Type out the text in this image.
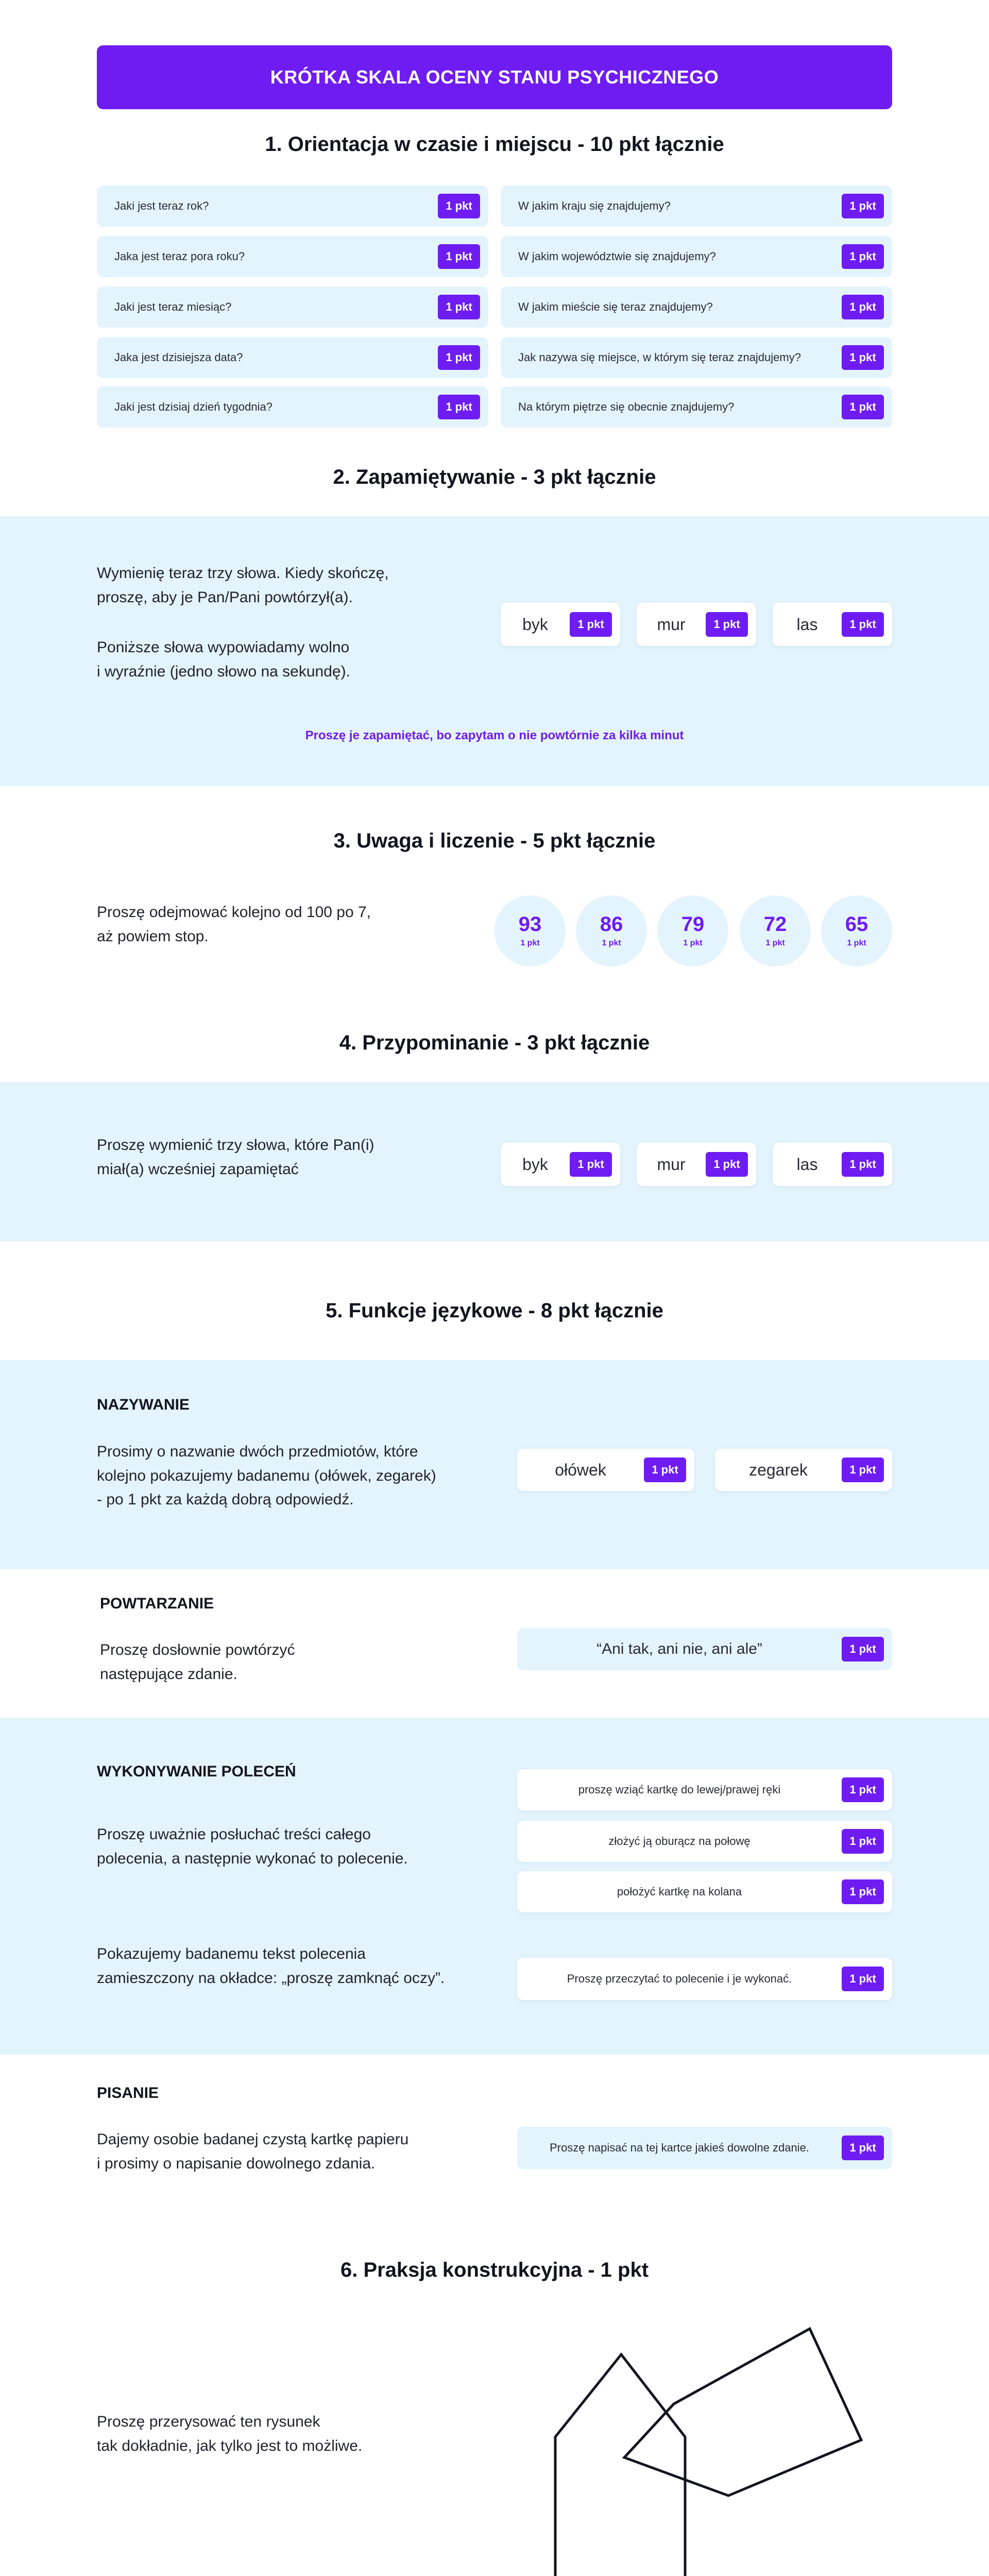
KRÓTKA SKALA OCENY STANU PSYCHICZNEGO
1. Orientacja w czasie i miejscu - 10 pkt łącznie
2. Zapamiętywanie - 3 pkt łącznie
Wymienię teraz trzy słowa. Kiedy skończę,
proszę, aby je Pan/Pani powtórzył(a).
Poniższe słowa wypowiadamy wolno
i wyraźnie (jedno słowo na sekundę).
Proszę je zapamiętać, bo zapytam o nie powtórnie za kilka minut
3. Uwaga i liczenie - 5 pkt łącznie
Proszę odejmować kolejno od 100 po 7,
aż powiem stop.
4. Przypominanie - 3 pkt łącznie
Proszę wymienić trzy słowa, które Pan(i)
miał(a) wcześniej zapamiętać
5. Funkcje językowe - 8 pkt łącznie
NAZYWANIE
Prosimy o nazwanie dwóch przedmiotów, które
kolejno pokazujemy badanemu (ołówek, zegarek)
- po 1 pkt za każdą dobrą odpowiedź.
POWTARZANIE
Proszę dosłownie powtórzyć
następujące zdanie.
“Ani tak, ani nie, ani ale”	1 pkt
WYKONYWANIE POLECEŃ
Proszę uważnie posłuchać treści całego
polecenia, a następnie wykonać to polecenie.
Pokazujemy badanemu tekst polecenia
zamieszczony na okładce: „proszę zamknąć oczy”.	Proszę przeczytać to polecenie i je wykonać.	1 pkt
PISANIE
Dajemy osobie badanej czystą kartkę papieru
i prosimy o napisanie dowolnego zdania.
Proszę napisać na tej kartce jakieś dowolne zdanie.	1 pkt
6. Praksja konstrukcyjna - 1 pkt
Proszę przerysować ten rysunek
tak dokładnie, jak tylko jest to możliwe.
Jaki jest teraz rok?	1 pkt
Jaka jest teraz pora roku?	1 pkt
Jaki jest teraz miesiąc?	1 pkt
Jaka jest dzisiejsza data?	1 pkt
Jaki jest dzisiaj dzień tygodnia?	1 pkt
W jakim kraju się znajdujemy?	1 pkt
W jakim województwie się znajdujemy?	1 pkt
W jakim mieście się teraz znajdujemy?	1 pkt
Jak nazywa się miejsce, w którym się teraz znajdujemy?	1 pkt
Na którym piętrze się obecnie znajdujemy?	1 pkt
byk	1 pkt	mur	1 pkt	las	1 pkt
byk	1 pkt	mur	1 pkt	las	1 pkt
93
1 pkt
86
1 pkt
79
1 pkt
72
1 pkt
65
1 pkt
ołówek	1 pkt	zegarek	1 pkt
proszę wziąć kartkę do lewej/prawej ręki	1 pkt
złożyć ją oburącz na połowę	1 pkt
położyć kartkę na kolana	1 pkt
